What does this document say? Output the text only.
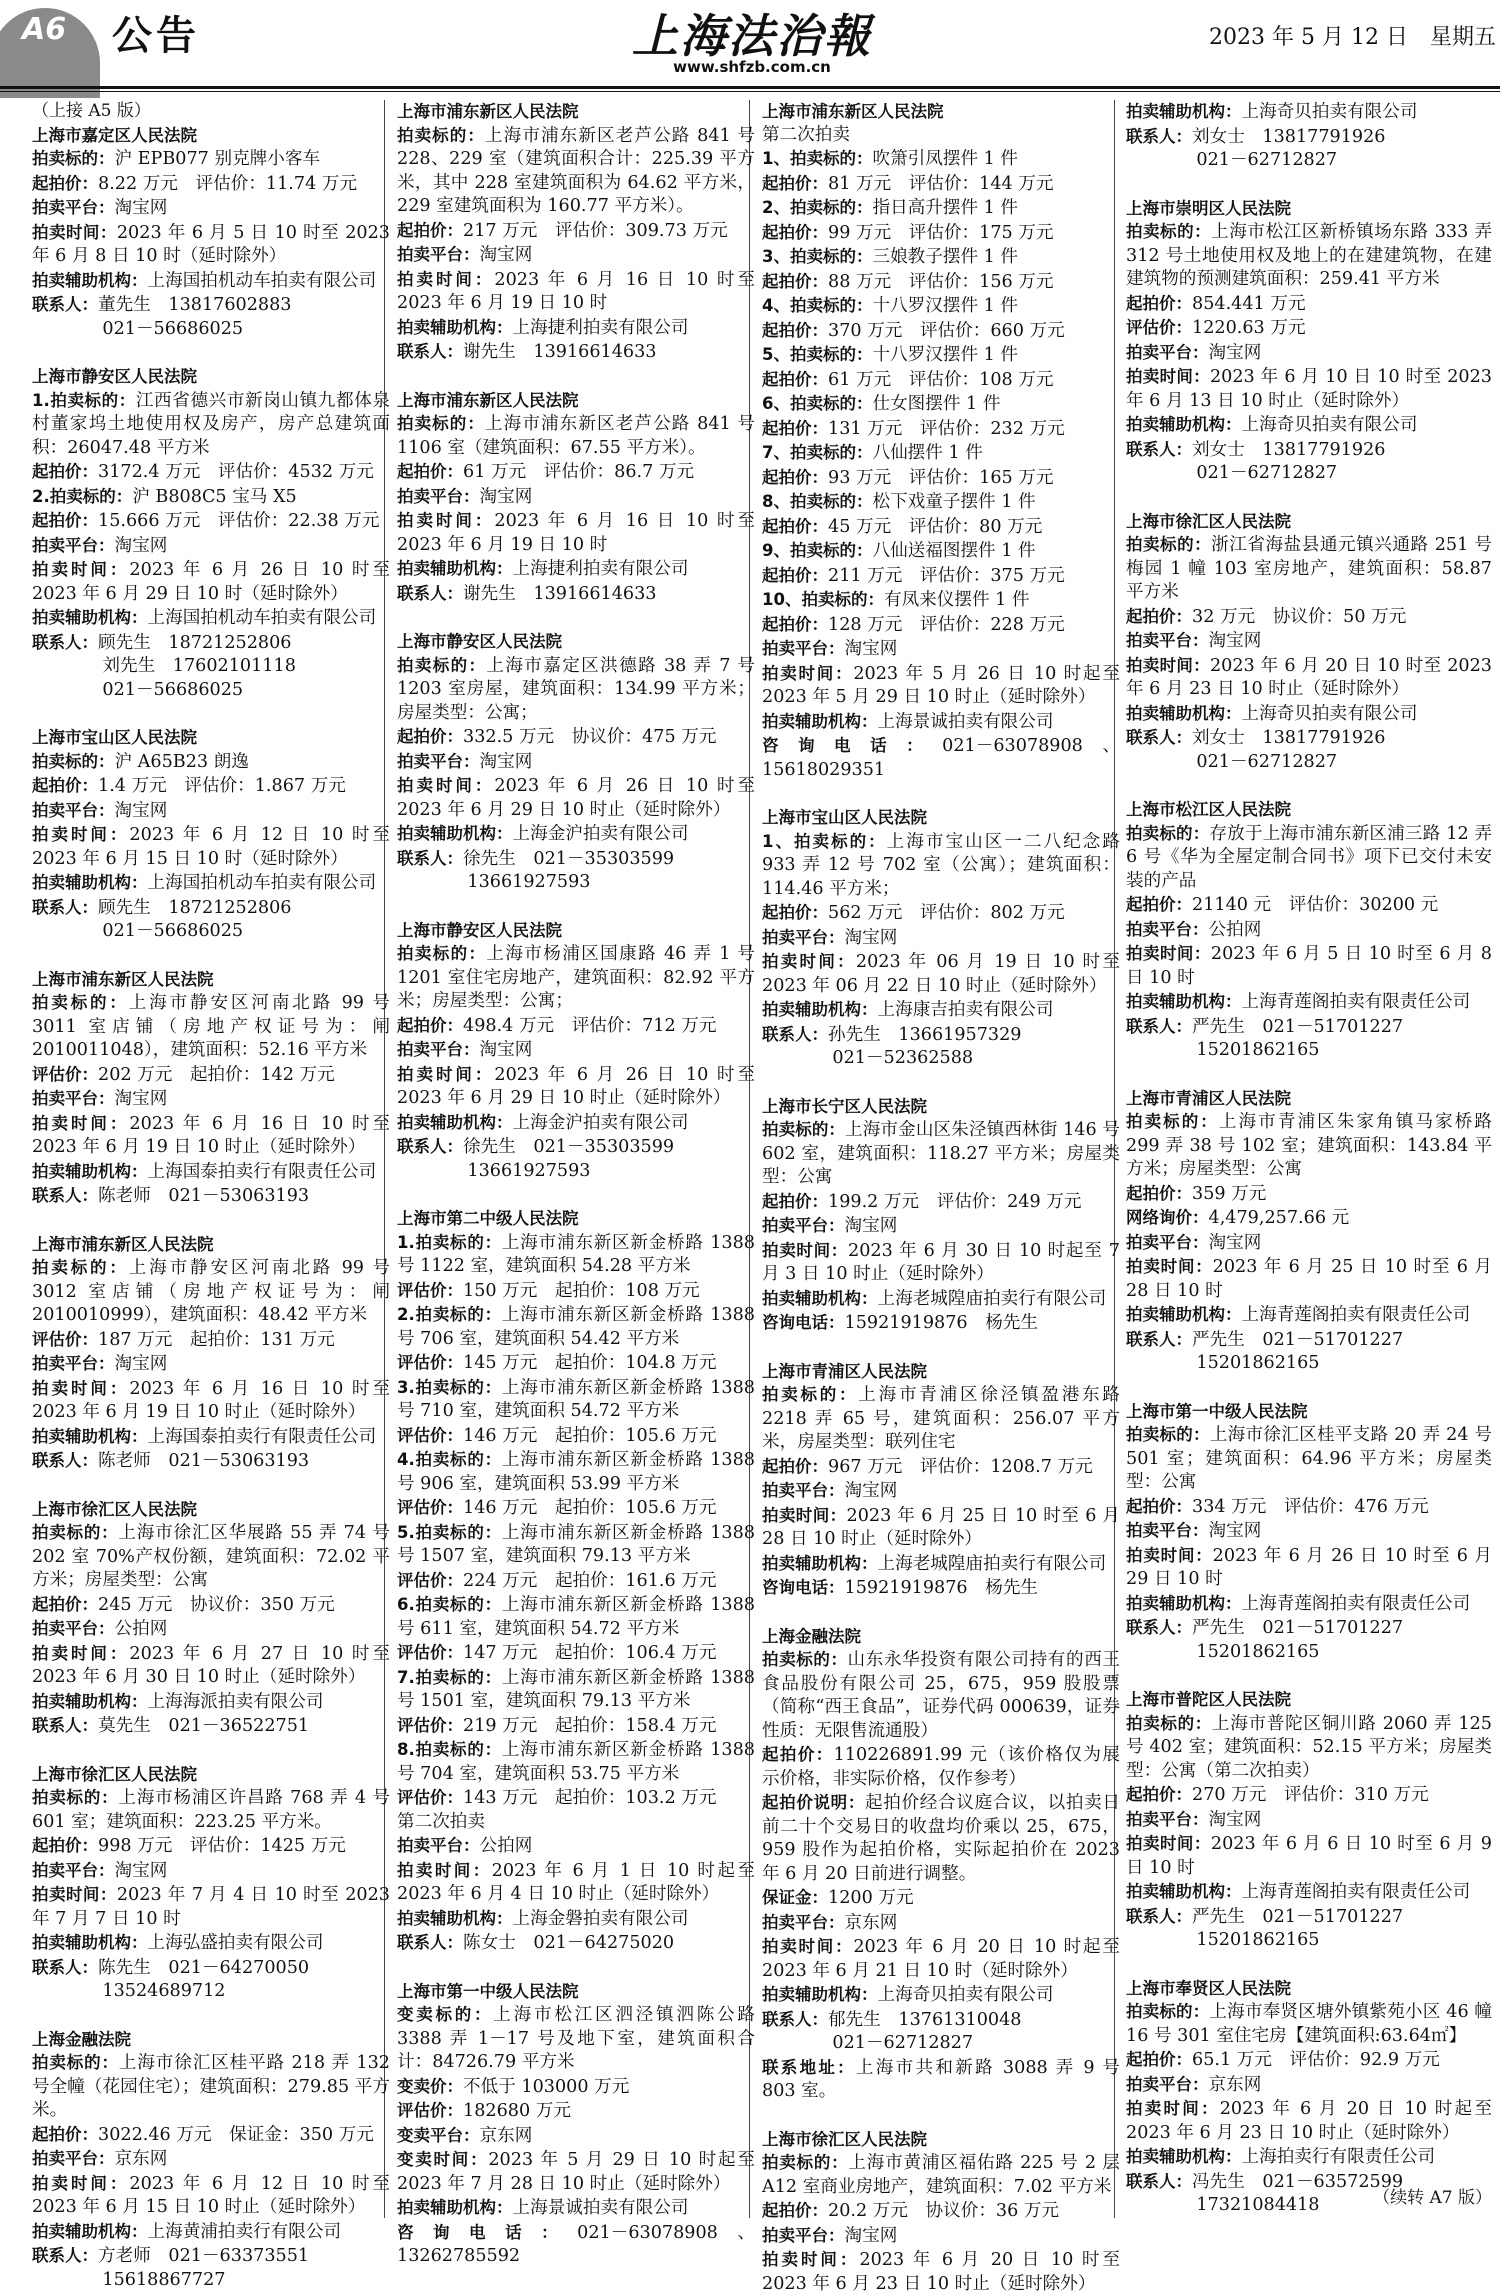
A6 公告	上海法治報
www.shfzb.com.cn
2023 年 5 月 12 日　星期五
（上接 A5 版）
上海市嘉定区人民法院
拍卖标的：沪 EPB077 别克牌小客车
起拍价：8.22 万元　评估价：11.74 万元
拍卖平台：淘宝网
拍卖时间：2023 年 6 月 5 日 10 时至 2023 年 6 月 8 日 10 时（延时除外）
拍卖辅助机构：上海国拍机动车拍卖有限公司
联系人：董先生　13817602883
　　　　021－56686025
上海市静安区人民法院
1.拍卖标的：江西省德兴市新岗山镇九都体泉村董家坞土地使用权及房产，房产总建筑面积：26047.48 平方米
起拍价：3172.4 万元　评估价：4532 万元
2.拍卖标的：沪 B808C5 宝马 X5
起拍价：15.666 万元　评估价：22.38 万元
拍卖平台：淘宝网
拍卖时间：2023 年 6 月 26 日 10 时至 2023 年 6 月 29 日 10 时（延时除外）
拍卖辅助机构：上海国拍机动车拍卖有限公司
联系人：顾先生　18721252806
　　　　刘先生　17602101118
　　　　021－56686025
上海市宝山区人民法院
拍卖标的：沪 A65B23 朗逸
起拍价：1.4 万元　评估价：1.867 万元
拍卖平台：淘宝网
拍卖时间：2023 年 6 月 12 日 10 时至 2023 年 6 月 15 日 10 时（延时除外）
拍卖辅助机构：上海国拍机动车拍卖有限公司
联系人：顾先生　18721252806
　　　　021－56686025
上海市浦东新区人民法院
拍卖标的：上海市静安区河南北路 99 号 3011 室店铺（房地产权证号为：闸 2010011048），建筑面积：52.16 平方米
评估价：202 万元　起拍价：142 万元
拍卖平台：淘宝网
拍卖时间：2023 年 6 月 16 日 10 时至 2023 年 6 月 19 日 10 时止（延时除外）
拍卖辅助机构：上海国泰拍卖行有限责任公司
联系人：陈老师　021－53063193
上海市浦东新区人民法院
拍卖标的：上海市静安区河南北路 99 号 3012 室店铺（房地产权证号为：闸 2010010999），建筑面积：48.42 平方米
评估价：187 万元　起拍价：131 万元
拍卖平台：淘宝网
拍卖时间：2023 年 6 月 16 日 10 时至 2023 年 6 月 19 日 10 时止（延时除外）
拍卖辅助机构：上海国泰拍卖行有限责任公司
联系人：陈老师　021－53063193
上海市徐汇区人民法院
拍卖标的：上海市徐汇区华展路 55 弄 74 号 202 室 70%产权份额，建筑面积：72.02 平方米；房屋类型：公寓
起拍价：245 万元　协议价：350 万元
拍卖平台：公拍网
拍卖时间：2023 年 6 月 27 日 10 时至 2023 年 6 月 30 日 10 时止（延时除外）
拍卖辅助机构：上海海派拍卖有限公司
联系人：莫先生　021－36522751
上海市徐汇区人民法院
拍卖标的：上海市杨浦区许昌路 768 弄 4 号 601 室；建筑面积：223.25 平方米。
起拍价：998 万元　评估价：1425 万元
拍卖平台：淘宝网
拍卖时间：2023 年 7 月 4 日 10 时至 2023 年 7 月 7 日 10 时
拍卖辅助机构：上海弘盛拍卖有限公司
联系人：陈先生　021－64270050
　　　　13524689712
上海金融法院
拍卖标的：上海市徐汇区桂平路 218 弄 132 号全幢（花园住宅）；建筑面积：279.85 平方米。
起拍价：3022.46 万元　保证金：350 万元
拍卖平台：京东网
拍卖时间：2023 年 6 月 12 日 10 时至 2023 年 6 月 15 日 10 时止（延时除外）
拍卖辅助机构：上海黄浦拍卖行有限公司
联系人：方老师　021－63373551
　　　　15618867727
上海市浦东新区人民法院
拍卖标的：上海市浦东新区老芦公路 841 号 228、229 室（建筑面积合计：225.39 平方米，其中 228 室建筑面积为 64.62 平方米，229 室建筑面积为 160.77 平方米）。
起拍价：217 万元　评估价：309.73 万元
拍卖平台：淘宝网
拍卖时间：2023 年 6 月 16 日 10 时至 2023 年 6 月 19 日 10 时
拍卖辅助机构：上海捷利拍卖有限公司
联系人：谢先生　13916614633
上海市浦东新区人民法院
拍卖标的：上海市浦东新区老芦公路 841 号 1106 室（建筑面积：67.55 平方米）。
起拍价：61 万元　评估价：86.7 万元
拍卖平台：淘宝网
拍卖时间：2023 年 6 月 16 日 10 时至 2023 年 6 月 19 日 10 时
拍卖辅助机构：上海捷利拍卖有限公司
联系人：谢先生　13916614633
上海市静安区人民法院
拍卖标的：上海市嘉定区洪德路 38 弄 7 号 1203 室房屋，建筑面积：134.99 平方米；房屋类型：公寓；
起拍价：332.5 万元　协议价：475 万元
拍卖平台：淘宝网
拍卖时间：2023 年 6 月 26 日 10 时至 2023 年 6 月 29 日 10 时止（延时除外）
拍卖辅助机构：上海金沪拍卖有限公司
联系人：徐先生　021－35303599
　　　　13661927593
上海市静安区人民法院
拍卖标的：上海市杨浦区国康路 46 弄 1 号 1201 室住宅房地产，建筑面积：82.92 平方米；房屋类型：公寓；
起拍价：498.4 万元　评估价：712 万元
拍卖平台：淘宝网
拍卖时间：2023 年 6 月 26 日 10 时至 2023 年 6 月 29 日 10 时止（延时除外）
拍卖辅助机构：上海金沪拍卖有限公司
联系人：徐先生　021－35303599
　　　　13661927593
上海市第二中级人民法院
1.拍卖标的：上海市浦东新区新金桥路 1388 号 1122 室，建筑面积 54.28 平方米
评估价：150 万元　起拍价：108 万元
2.拍卖标的：上海市浦东新区新金桥路 1388 号 706 室，建筑面积 54.42 平方米
评估价：145 万元　起拍价：104.8 万元
3.拍卖标的：上海市浦东新区新金桥路 1388 号 710 室，建筑面积 54.72 平方米
评估价：146 万元　起拍价：105.6 万元
4.拍卖标的：上海市浦东新区新金桥路 1388 号 906 室，建筑面积 53.99 平方米
评估价：146 万元　起拍价：105.6 万元
5.拍卖标的：上海市浦东新区新金桥路 1388 号 1507 室，建筑面积 79.13 平方米
评估价：224 万元　起拍价：161.6 万元
6.拍卖标的：上海市浦东新区新金桥路 1388 号 611 室，建筑面积 54.72 平方米
评估价：147 万元　起拍价：106.4 万元
7.拍卖标的：上海市浦东新区新金桥路 1388 号 1501 室，建筑面积 79.13 平方米
评估价：219 万元　起拍价：158.4 万元
8.拍卖标的：上海市浦东新区新金桥路 1388 号 704 室，建筑面积 53.75 平方米
评估价：143 万元　起拍价：103.2 万元
第二次拍卖
拍卖平台：公拍网
拍卖时间：2023 年 6 月 1 日 10 时起至 2023 年 6 月 4 日 10 时止（延时除外）
拍卖辅助机构：上海金磐拍卖有限公司
联系人：陈女士　021－64275020
上海市第一中级人民法院
变卖标的：上海市松江区泗泾镇泗陈公路 3388 弄 1－17 号及地下室，建筑面积合计：84726.79 平方米
变卖价：不低于 103000 万元
评估价：182680 万元
变卖平台：京东网
变卖时间：2023 年 5 月 29 日 10 时起至 2023 年 7 月 28 日 10 时止（延时除外）
拍卖辅助机构：上海景诚拍卖有限公司
咨询电话：021－63078908、13262785592
上海市浦东新区人民法院
第二次拍卖
1、拍卖标的：吹箫引凤摆件 1 件
起拍价：81 万元　评估价：144 万元
2、拍卖标的：指日高升摆件 1 件
起拍价：99 万元　评估价：175 万元
3、拍卖标的：三娘教子摆件 1 件
起拍价：88 万元　评估价：156 万元
4、拍卖标的：十八罗汉摆件 1 件
起拍价：370 万元　评估价：660 万元
5、拍卖标的：十八罗汉摆件 1 件
起拍价：61 万元　评估价：108 万元
6、拍卖标的：仕女图摆件 1 件
起拍价：131 万元　评估价：232 万元
7、拍卖标的：八仙摆件 1 件
起拍价：93 万元　评估价：165 万元
8、拍卖标的：松下戏童子摆件 1 件
起拍价：45 万元　评估价：80 万元
9、拍卖标的：八仙送福图摆件 1 件
起拍价：211 万元　评估价：375 万元
10、拍卖标的：有凤来仪摆件 1 件
起拍价：128 万元　评估价：228 万元
拍卖平台：淘宝网
拍卖时间：2023 年 5 月 26 日 10 时起至 2023 年 5 月 29 日 10 时止（延时除外）
拍卖辅助机构：上海景诚拍卖有限公司
咨询电话：021－63078908、15618029351
上海市宝山区人民法院
1、拍卖标的：上海市宝山区一二八纪念路 933 弄 12 号 702 室（公寓）；建筑面积：114.46 平方米；
起拍价：562 万元　评估价：802 万元
拍卖平台：淘宝网
拍卖时间：2023 年 06 月 19 日 10 时至 2023 年 06 月 22 日 10 时止（延时除外）
拍卖辅助机构：上海康吉拍卖有限公司
联系人：孙先生　13661957329
　　　　021－52362588
上海市长宁区人民法院
拍卖标的：上海市金山区朱泾镇西林街 146 号 602 室，建筑面积：118.27 平方米；房屋类型：公寓
起拍价：199.2 万元　评估价：249 万元
拍卖平台：淘宝网
拍卖时间：2023 年 6 月 30 日 10 时起至 7 月 3 日 10 时止（延时除外）
拍卖辅助机构：上海老城隍庙拍卖行有限公司
咨询电话：15921919876　杨先生
上海市青浦区人民法院
拍卖标的：上海市青浦区徐泾镇盈港东路 2218 弄 65 号，建筑面积：256.07 平方米，房屋类型：联列住宅
起拍价：967 万元　评估价：1208.7 万元
拍卖平台：淘宝网
拍卖时间：2023 年 6 月 25 日 10 时至 6 月 28 日 10 时止（延时除外）
拍卖辅助机构：上海老城隍庙拍卖行有限公司
咨询电话：15921919876　杨先生
上海金融法院
拍卖标的：山东永华投资有限公司持有的西王食品股份有限公司 25，675，959 股股票（简称“西王食品”，证券代码 000639，证券性质：无限售流通股）
起拍价：110226891.99 元（该价格仅为展示价格，非实际价格，仅作参考）
起拍价说明：起拍价经合议庭合议，以拍卖日前二十个交易日的收盘均价乘以 25，675，959 股作为起拍价格，实际起拍价在 2023 年 6 月 20 日前进行调整。
保证金：1200 万元
拍卖平台：京东网
拍卖时间：2023 年 6 月 20 日 10 时起至 2023 年 6 月 21 日 10 时（延时除外）
拍卖辅助机构：上海奇贝拍卖有限公司
联系人：郁先生　13761310048
　　　　021－62712827
联系地址：上海市共和新路 3088 弄 9 号 803 室。
上海市徐汇区人民法院
拍卖标的：上海市黄浦区福佑路 225 号 2 层 A12 室商业房地产，建筑面积：7.02 平方米
起拍价：20.2 万元　协议价：36 万元
拍卖平台：淘宝网
拍卖时间：2023 年 6 月 20 日 10 时至 2023 年 6 月 23 日 10 时止（延时除外）
拍卖辅助机构：上海奇贝拍卖有限公司
联系人：刘女士　13817791926
　　　　021－62712827
上海市崇明区人民法院
拍卖标的：上海市松江区新桥镇场东路 333 弄 312 号土地使用权及地上的在建建筑物，在建建筑物的预测建筑面积：259.41 平方米
起拍价：854.441 万元
评估价：1220.63 万元
拍卖平台：淘宝网
拍卖时间：2023 年 6 月 10 日 10 时至 2023 年 6 月 13 日 10 时止（延时除外）
拍卖辅助机构：上海奇贝拍卖有限公司
联系人：刘女士　13817791926
　　　　021－62712827
上海市徐汇区人民法院
拍卖标的：浙江省海盐县通元镇兴通路 251 号梅园 1 幢 103 室房地产，建筑面积：58.87 平方米
起拍价：32 万元　协议价：50 万元
拍卖平台：淘宝网
拍卖时间：2023 年 6 月 20 日 10 时至 2023 年 6 月 23 日 10 时止（延时除外）
拍卖辅助机构：上海奇贝拍卖有限公司
联系人：刘女士　13817791926
　　　　021－62712827
上海市松江区人民法院
拍卖标的：存放于上海市浦东新区浦三路 12 弄 6 号《华为全屋定制合同书》项下已交付未安装的产品
起拍价：21140 元　评估价：30200 元
拍卖平台：公拍网
拍卖时间：2023 年 6 月 5 日 10 时至 6 月 8 日 10 时
拍卖辅助机构：上海青莲阁拍卖有限责任公司
联系人：严先生　021－51701227
　　　　15201862165
上海市青浦区人民法院
拍卖标的：上海市青浦区朱家角镇马家桥路 299 弄 38 号 102 室；建筑面积：143.84 平方米；房屋类型：公寓
起拍价：359 万元
网络询价：4,479,257.66 元
拍卖平台：淘宝网
拍卖时间：2023 年 6 月 25 日 10 时至 6 月 28 日 10 时
拍卖辅助机构：上海青莲阁拍卖有限责任公司
联系人：严先生　021－51701227
　　　　15201862165
上海市第一中级人民法院
拍卖标的：上海市徐汇区桂平支路 20 弄 24 号 501 室；建筑面积：64.96 平方米；房屋类型：公寓
起拍价：334 万元　评估价：476 万元
拍卖平台：淘宝网
拍卖时间：2023 年 6 月 26 日 10 时至 6 月 29 日 10 时
拍卖辅助机构：上海青莲阁拍卖有限责任公司
联系人：严先生　021－51701227
　　　　15201862165
上海市普陀区人民法院
拍卖标的：上海市普陀区铜川路 2060 弄 125 号 402 室；建筑面积：52.15 平方米；房屋类型：公寓（第二次拍卖）
起拍价：270 万元　评估价：310 万元
拍卖平台：淘宝网
拍卖时间：2023 年 6 月 6 日 10 时至 6 月 9 日 10 时
拍卖辅助机构：上海青莲阁拍卖有限责任公司
联系人：严先生　021－51701227
　　　　15201862165
上海市奉贤区人民法院
拍卖标的：上海市奉贤区塘外镇紫苑小区 46 幢 16 号 301 室住宅房【建筑面积:63.64㎡】
起拍价：65.1 万元　评估价：92.9 万元
拍卖平台：京东网
拍卖时间：2023 年 6 月 20 日 10 时起至 2023 年 6 月 23 日 10 时止（延时除外）
拍卖辅助机构：上海拍卖行有限责任公司
联系人：冯先生　021－63572599
　　　　17321084418	（续转 A7 版）
